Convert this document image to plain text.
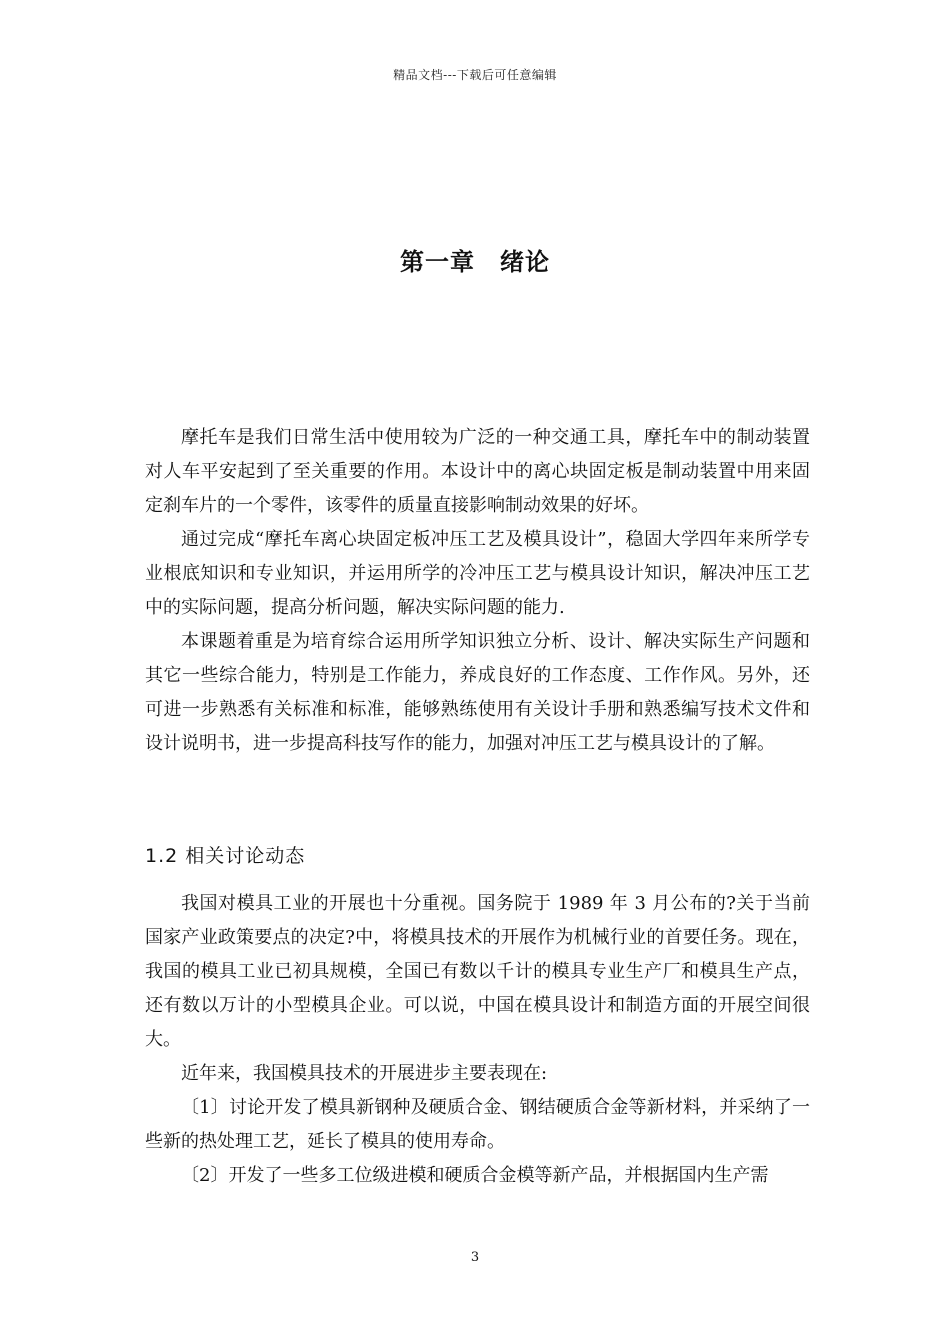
精品文档---下载后可任意编辑
第一章　绪论

摩托车是我们日常生活中使用较为广泛的一种交通工具，摩托车中的制动装置对人车平安起到了至关重要的作用。本设计中的离心块固定板是制动装置中用来固定刹车片的一个零件，该零件的质量直接影响制动效果的好坏。

通过完成“摩托车离心块固定板冲压工艺及模具设计”，稳固大学四年来所学专业根底知识和专业知识，并运用所学的冷冲压工艺与模具设计知识，解决冲压工艺中的实际问题，提高分析问题，解决实际问题的能力.

本课题着重是为培育综合运用所学知识独立分析、设计、解决实际生产问题和其它一些综合能力，特别是工作能力，养成良好的工作态度、工作作风。另外，还可进一步熟悉有关标准和标准，能够熟练使用有关设计手册和熟悉编写技术文件和设计说明书，进一步提高科技写作的能力，加强对冲压工艺与模具设计的了解。

1.2 相关讨论动态

我国对模具工业的开展也十分重视。国务院于 1989 年 3 月公布的?关于当前国家产业政策要点的决定?中，将模具技术的开展作为机械行业的首要任务。现在，我国的模具工业已初具规模，全国已有数以千计的模具专业生产厂和模具生产点，还有数以万计的小型模具企业。可以说，中国在模具设计和制造方面的开展空间很大。

近年来，我国模具技术的开展进步主要表现在:

〔1〕讨论开发了模具新钢种及硬质合金、钢结硬质合金等新材料，并采纳了一些新的热处理工艺，延长了模具的使用寿命。

〔2〕开发了一些多工位级进模和硬质合金模等新产品，并根据国内生产需

3
